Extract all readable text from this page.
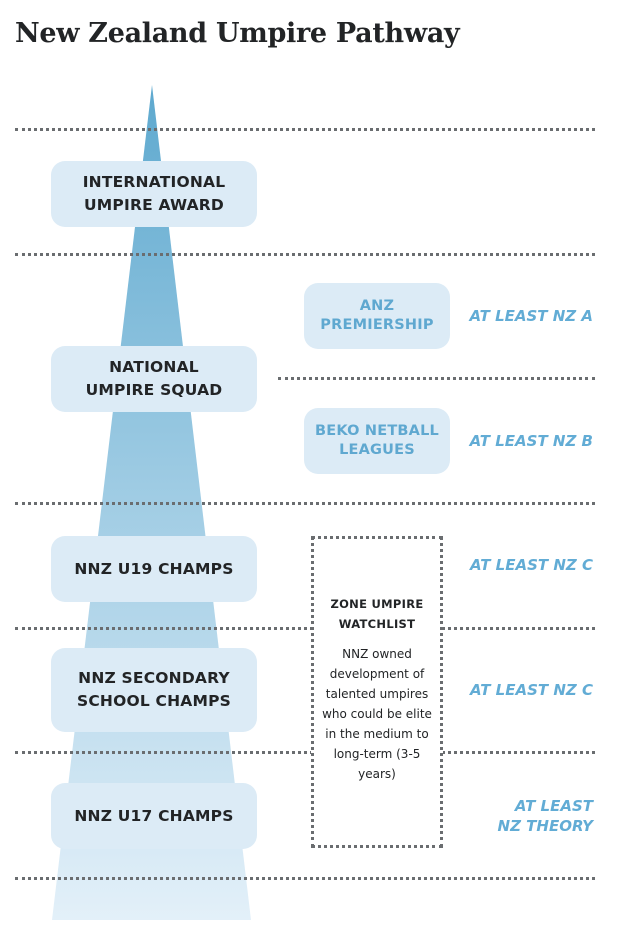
New Zealand Umpire Pathway
INTERNATIONAL
UMPIRE AWARD
NATIONAL
UMPIRE SQUAD
NNZ U19 CHAMPS
NNZ SECONDARY
SCHOOL CHAMPS
NNZ U17 CHAMPS
ANZ
PREMIERSHIP
BEKO NETBALL
LEAGUES
AT LEAST NZ A
AT LEAST NZ B
AT LEAST NZ C
AT LEAST NZ C
AT LEAST
NZ THEORY
ZONE UMPIRE
WATCHLIST
NNZ owned development of talented umpires who could be elite in the medium to long-term (3-5 years)
